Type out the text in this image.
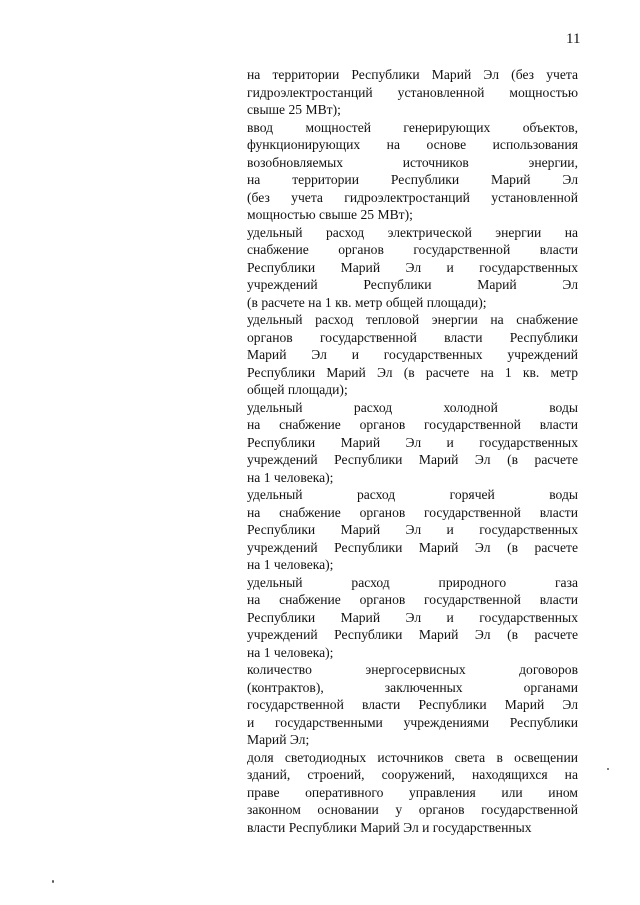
11
на территории Республики Марий Эл (без учета
гидроэлектростанций установленной мощностью
свыше 25 МВт);
ввод мощностей генерирующих объектов,
функционирующих на основе использования
возобновляемых источников энергии,
на территории Республики Марий Эл
(без учета гидроэлектростанций установленной
мощностью свыше 25 МВт);
удельный расход электрической энергии на
снабжение органов государственной власти
Республики Марий Эл и государственных
учреждений Республики Марий Эл
(в расчете на 1 кв. метр общей площади);
удельный расход тепловой энергии на снабжение
органов государственной власти Республики
Марий Эл и государственных учреждений
Республики Марий Эл (в расчете на 1 кв. метр
общей площади);
удельный расход холодной воды
на снабжение органов государственной власти
Республики Марий Эл и государственных
учреждений Республики Марий Эл (в расчете
на 1 человека);
удельный расход горячей воды
на снабжение органов государственной власти
Республики Марий Эл и государственных
учреждений Республики Марий Эл (в расчете
на 1 человека);
удельный расход природного газа
на снабжение органов государственной власти
Республики Марий Эл и государственных
учреждений Республики Марий Эл (в расчете
на 1 человека);
количество энергосервисных договоров
(контрактов), заключенных органами
государственной власти Республики Марий Эл
и государственными учреждениями Республики
Марий Эл;
доля светодиодных источников света в освещении
зданий, строений, сооружений, находящихся на
праве оперативного управления или ином
законном основании у органов государственной
власти Республики Марий Эл и государственных
